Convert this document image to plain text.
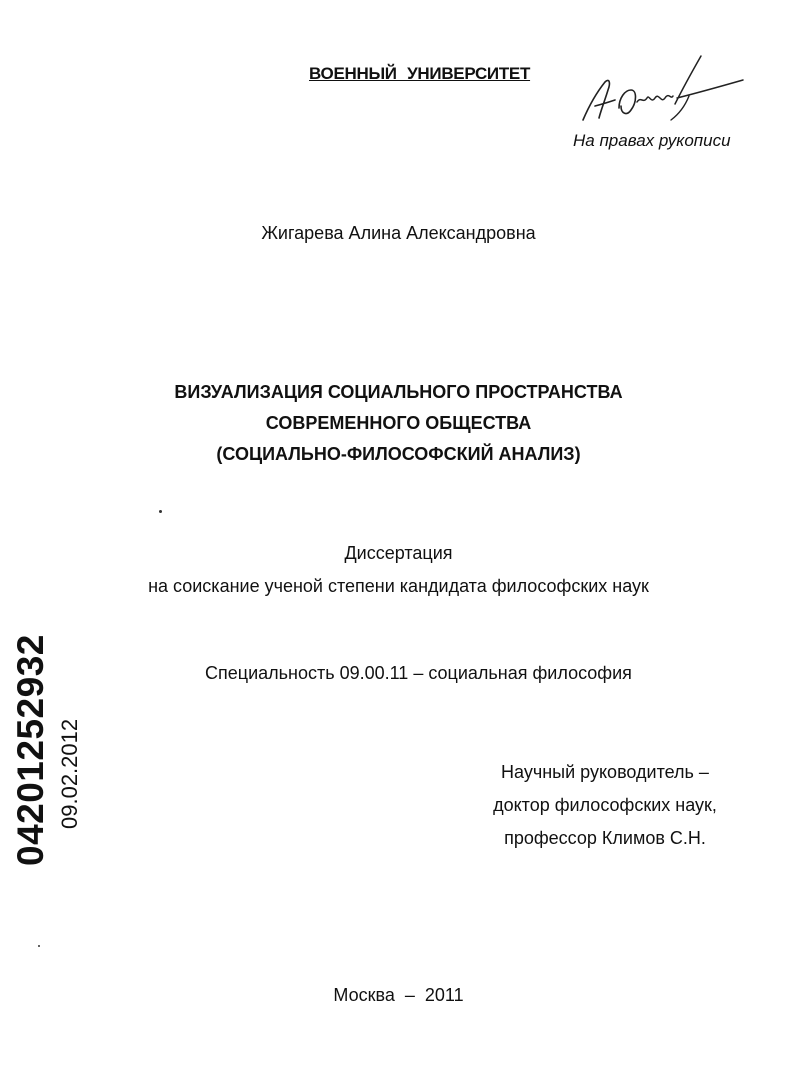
ВОЕННЫЙ УНИВЕРСИТЕТ
На правах рукописи
Жигарева Алина Александровна
ВИЗУАЛИЗАЦИЯ СОЦИАЛЬНОГО ПРОСТРАНСТВА
СОВРЕМЕННОГО ОБЩЕСТВА
(СОЦИАЛЬНО-ФИЛОСОФСКИЙ АНАЛИЗ)
Диссертация
на соискание ученой степени кандидата философских наук
Специальность 09.00.11 – социальная философия
Научный руководитель –
доктор философских наук,
профессор Климов С.Н.
04201252932 09.02.2012
Москва – 2011
